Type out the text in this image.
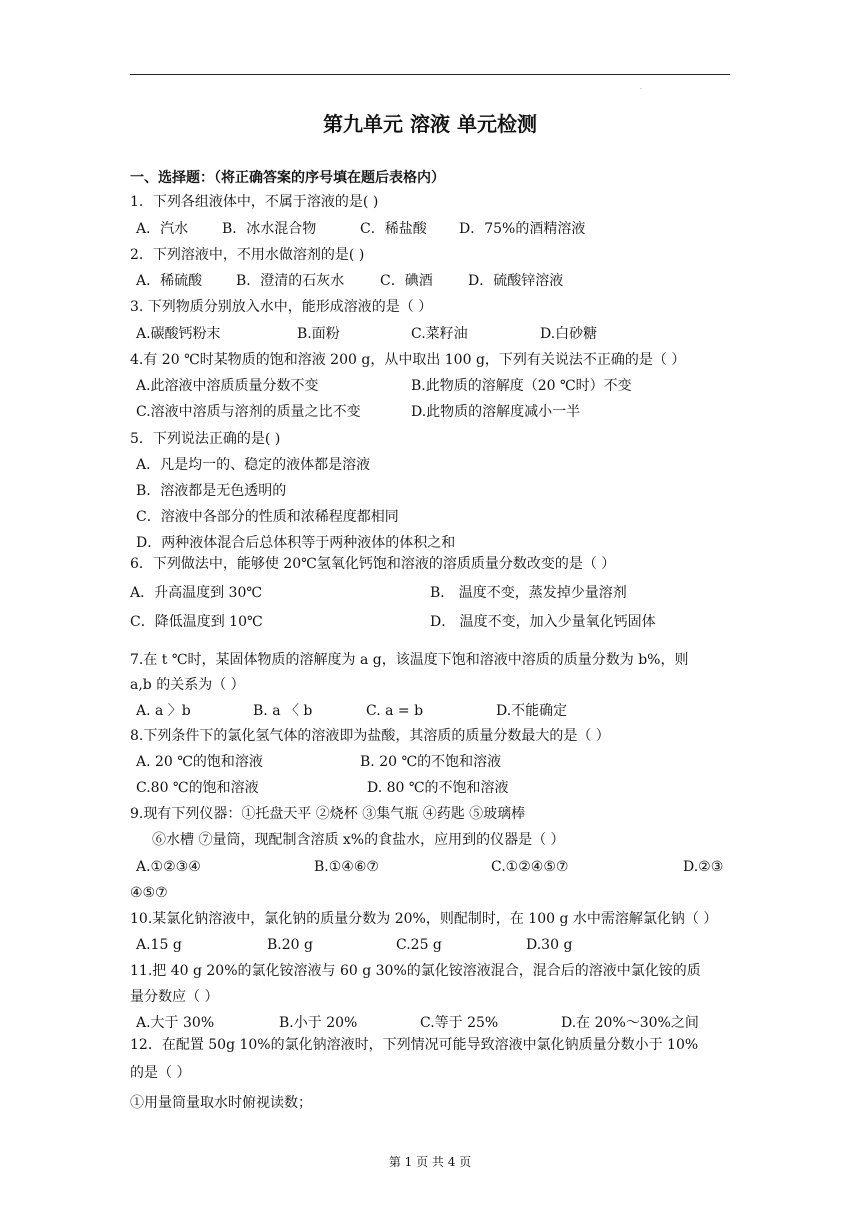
·
第九单元 溶液 单元检测
一、选择题：（将正确答案的序号填在题后表格内）
1．下列各组液体中，不属于溶液的是( )
A．汽水 B．冰水混合物	C．稀盐酸 D．75%的酒精溶液
2．下列溶液中，不用水做溶剂的是( )
A．稀硫酸 B．澄清的石灰水	C．碘酒	D．硫酸锌溶液
3. 下列物质分别放入水中，能形成溶液的是（ ）
A.碳酸钙粉末	B.面粉	C.菜籽油	D.白砂糖
4.有 20 ℃时某物质的饱和溶液 200 g，从中取出 100 g，下列有关说法不正确的是（ ）
A.此溶液中溶质质量分数不变	B.此物质的溶解度（20 ℃时）不变
C.溶液中溶质与溶剂的质量之比不变	D.此物质的溶解度减小一半
5．下列说法正确的是( )
A．凡是均一的、稳定的液体都是溶液
B．溶液都是无色透明的
C．溶液中各部分的性质和浓稀程度都相同
D．两种液体混合后总体积等于两种液体的体积之和
6．下列做法中，能够使 20℃氢氧化钙饱和溶液的溶质质量分数改变的是（ ）
A．升高温度到 30℃	B． 温度不变，蒸发掉少量溶剂
C．降低温度到 10℃	D． 温度不变，加入少量氧化钙固体
7.在 t ℃时，某固体物质的溶解度为 a g，该温度下饱和溶液中溶质的质量分数为 b%，则
a,b 的关系为（ ）
A. a 〉b	B. a 〈 b	C. a = b	D.不能确定
8.下列条件下的氯化氢气体的溶液即为盐酸，其溶质的质量分数最大的是（ ）
A. 20 ℃的饱和溶液	B. 20 ℃的不饱和溶液
C.80 ℃的饱和溶液	D. 80 ℃的不饱和溶液
9.现有下列仪器：①托盘天平 ②烧杯 ③集气瓶 ④药匙 ⑤玻璃棒
⑥水槽 ⑦量筒，现配制含溶质 x%的食盐水，应用到的仪器是（ ）
A.①②③④	B.①④⑥⑦	C.①②④⑤⑦	D.②③
④⑤⑦
10.某氯化钠溶液中，氯化钠的质量分数为 20%，则配制时，在 100 g 水中需溶解氯化钠（ ）
A.15 g	B.20 g	C.25 g	D.30 g
11.把 40 g 20%的氯化铵溶液与 60 g 30%的氯化铵溶液混合，混合后的溶液中氯化铵的质
量分数应（ ）
A.大于 30%	B.小于 20%	C.等于 25%	D.在 20%～30%之间
12．在配置 50g 10%的氯化钠溶液时，下列情况可能导致溶液中氯化钠质量分数小于 10%
的是（ ）
①用量筒量取水时俯视读数；
第 1 页 共 4 页
